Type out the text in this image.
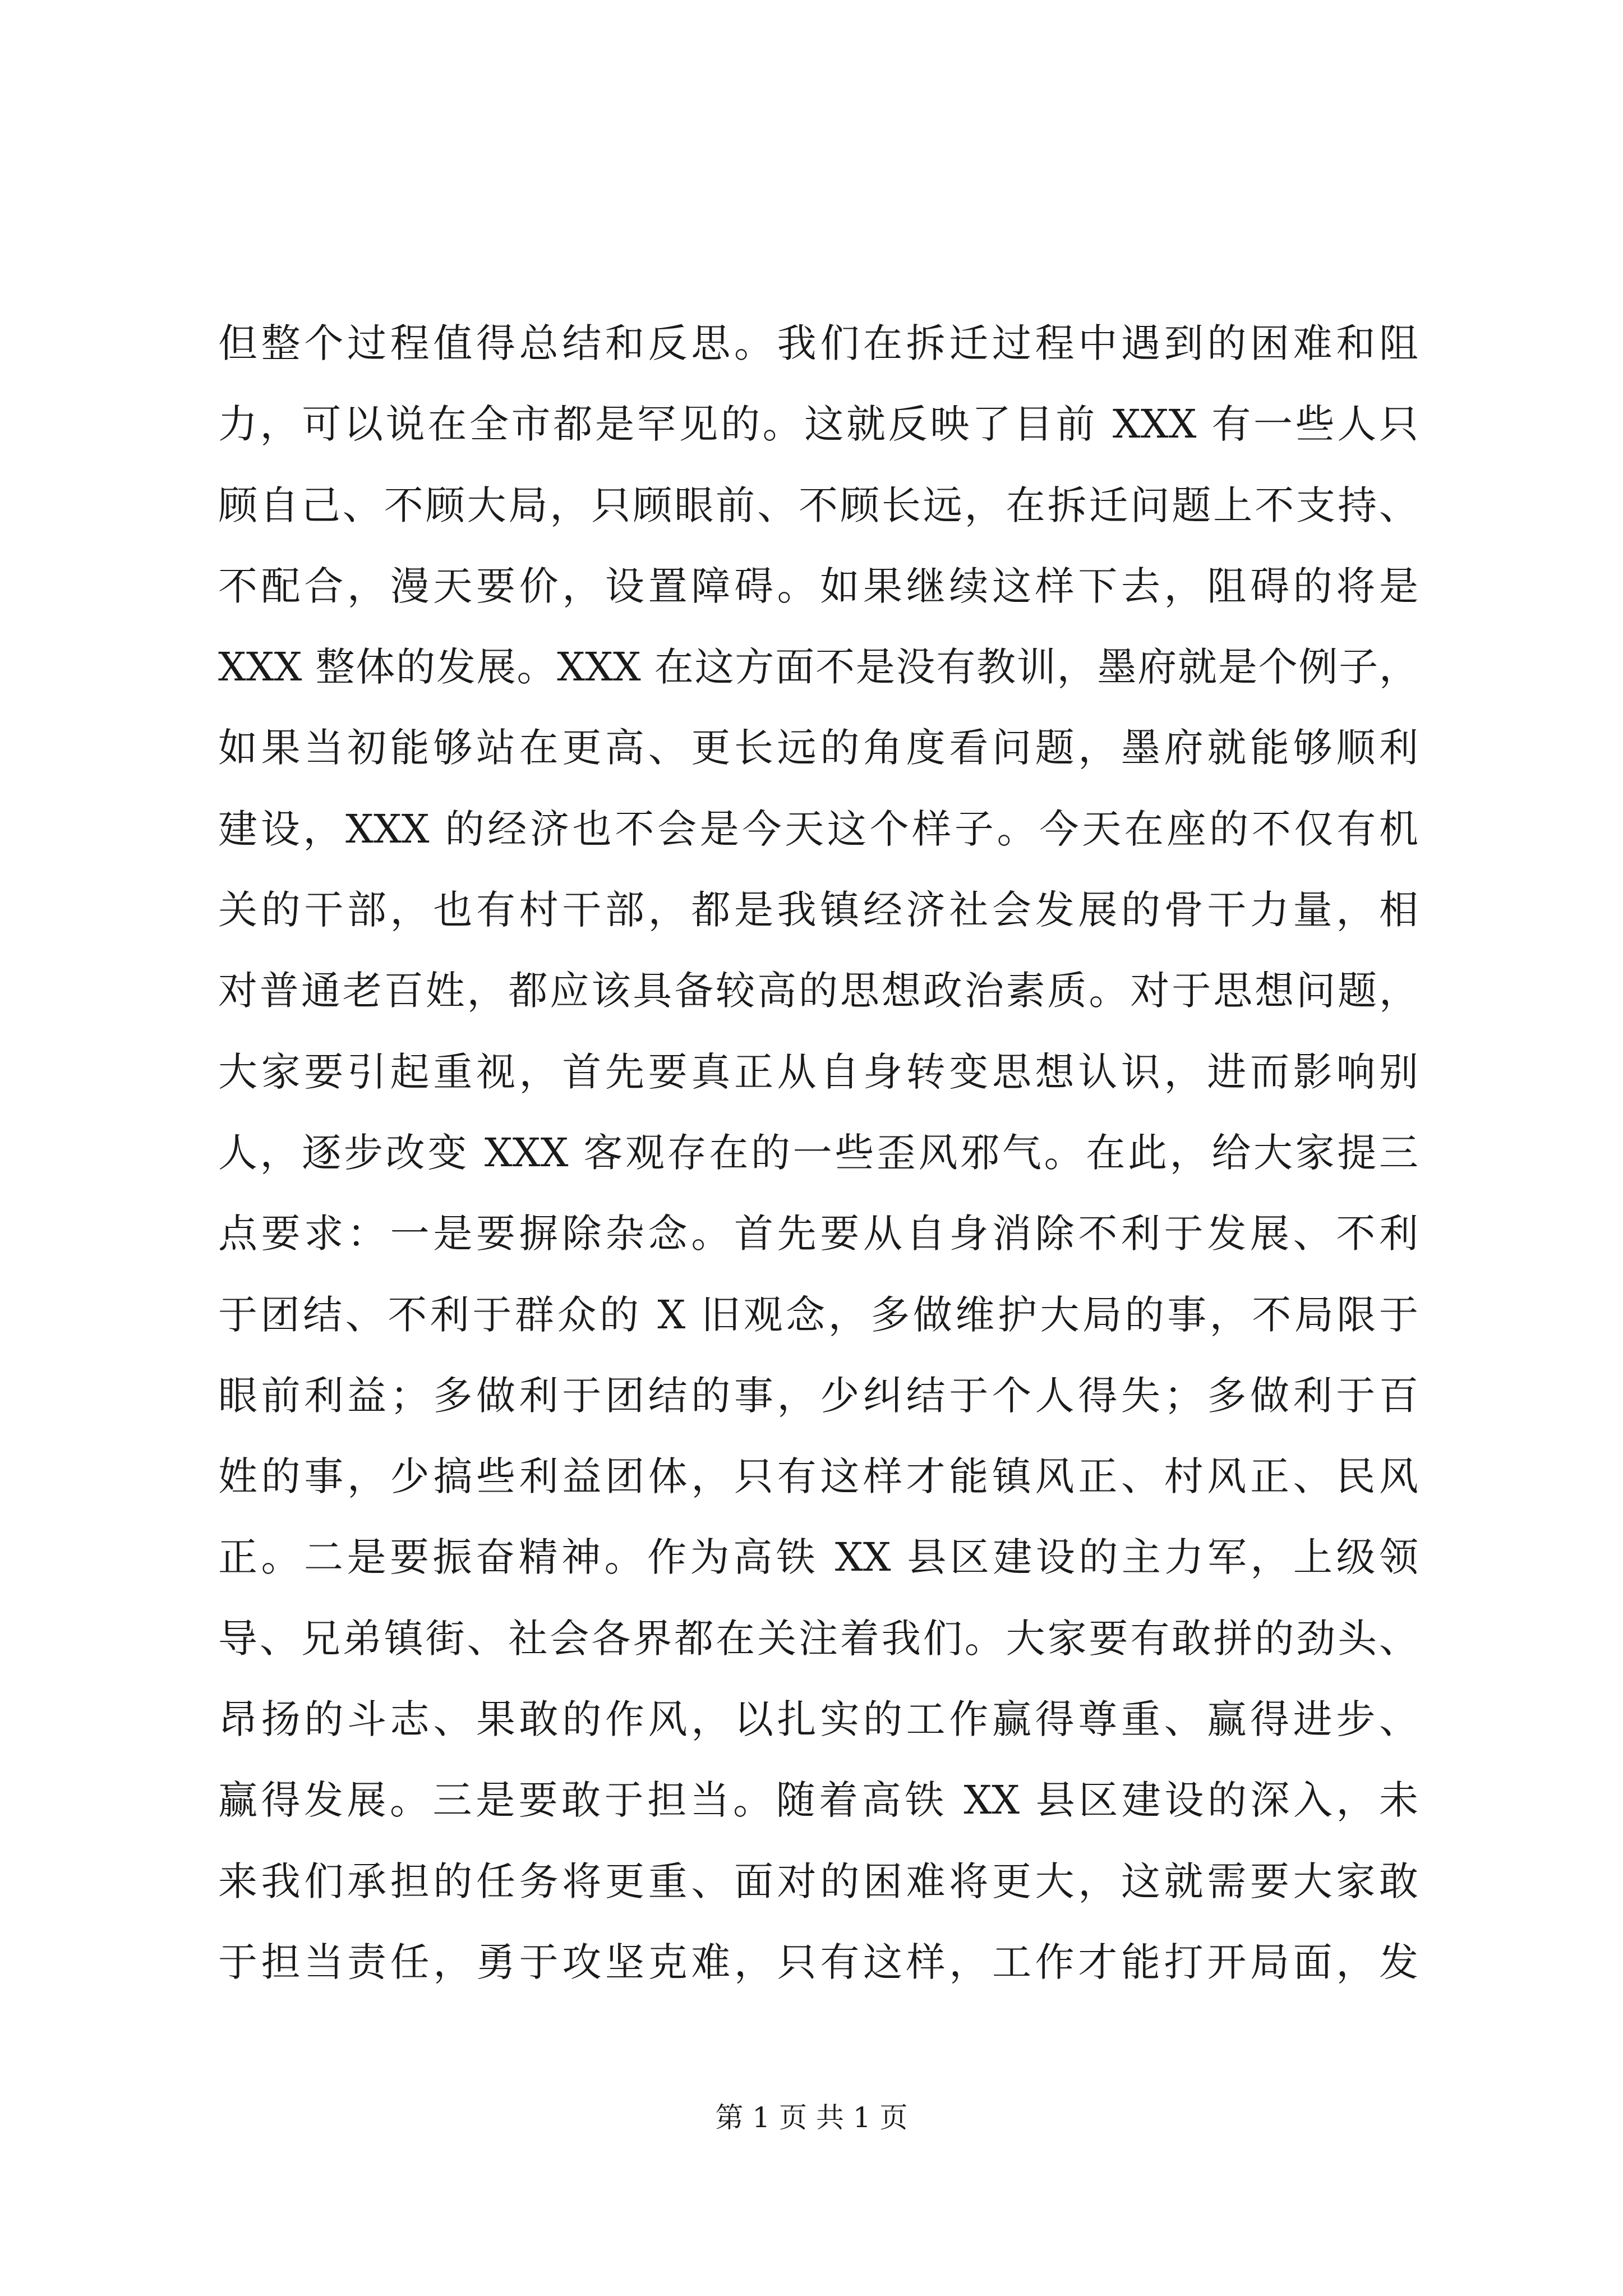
但整个过程值得总结和反思。我们在拆迁过程中遇到的困难和阻
力，可以说在全市都是罕见的。这就反映了目前 XXX 有一些人只
顾自己、不顾大局，只顾眼前、不顾长远，在拆迁问题上不支持、
不配合，漫天要价，设置障碍。如果继续这样下去，阻碍的将是
XXX 整体的发展。XXX 在这方面不是没有教训，墨府就是个例子，
如果当初能够站在更高、更长远的角度看问题，墨府就能够顺利
建设，XXX 的经济也不会是今天这个样子。今天在座的不仅有机
关的干部，也有村干部，都是我镇经济社会发展的骨干力量，相
对普通老百姓，都应该具备较高的思想政治素质。对于思想问题，
大家要引起重视，首先要真正从自身转变思想认识，进而影响别
人，逐步改变 XXX 客观存在的一些歪风邪气。在此，给大家提三
点要求：一是要摒除杂念。首先要从自身消除不利于发展、不利
于团结、不利于群众的 X 旧观念，多做维护大局的事，不局限于
眼前利益；多做利于团结的事，少纠结于个人得失；多做利于百
姓的事，少搞些利益团体，只有这样才能镇风正、村风正、民风
正。二是要振奋精神。作为高铁 XX 县区建设的主力军，上级领
导、兄弟镇街、社会各界都在关注着我们。大家要有敢拼的劲头、
昂扬的斗志、果敢的作风，以扎实的工作赢得尊重、赢得进步、
赢得发展。三是要敢于担当。随着高铁 XX 县区建设的深入，未
来我们承担的任务将更重、面对的困难将更大，这就需要大家敢
于担当责任，勇于攻坚克难，只有这样，工作才能打开局面，发
第 1 页 共 1 页
